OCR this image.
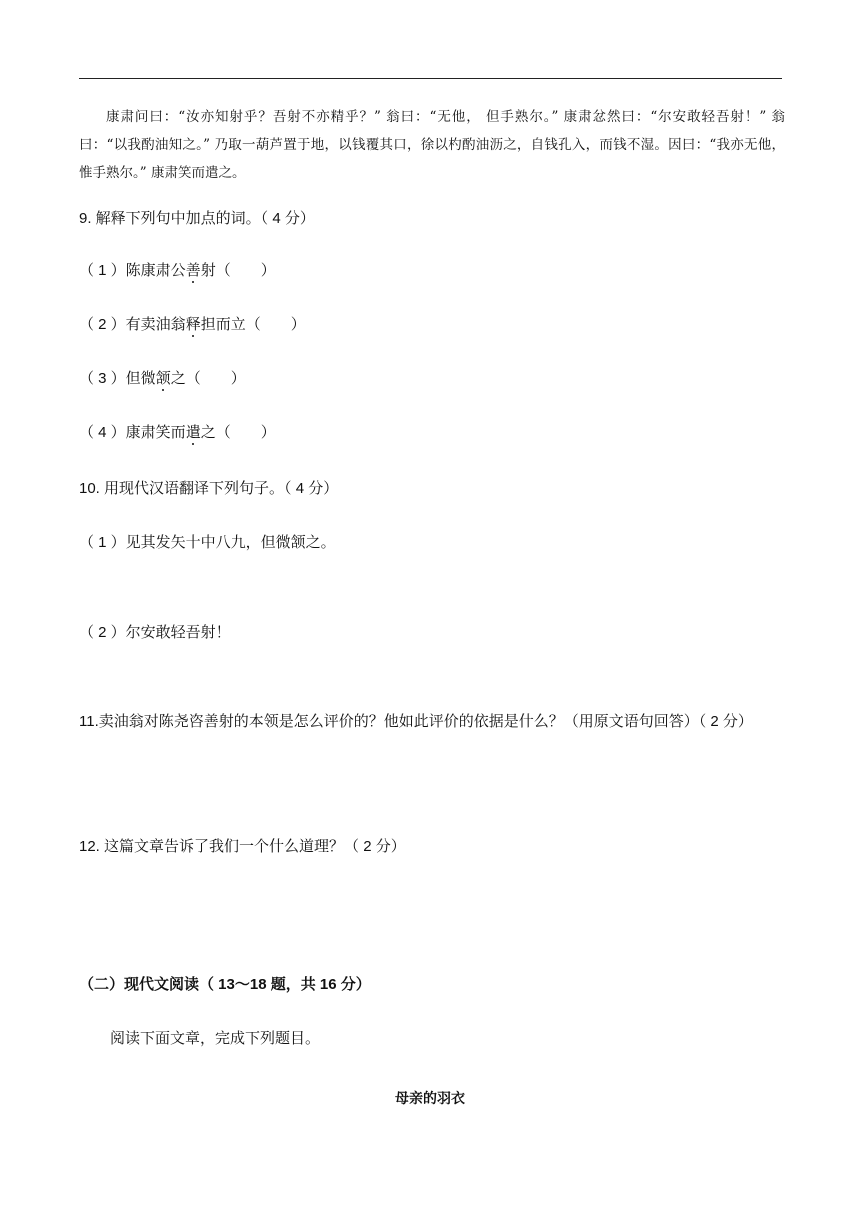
康肃问曰：“汝亦知射乎？吾射不亦精乎？” 翁曰：“无他， 但手熟尔。” 康肃忿然曰：“尔安敢轻吾射！” 翁曰：“以我酌油知之。” 乃取一葫芦置于地，以钱覆其口，徐以杓酌油沥之，自钱孔入，而钱不湿。因曰：“我亦无他，惟手熟尔。” 康肃笑而遣之。

9. 解释下列句中加点的词。（ 4 分）
（ 1 ）陈康肃公善射（　　）
（ 2 ）有卖油翁释担而立（　　）
（ 3 ）但微颔之（　　）
（ 4 ）康肃笑而遣之（　　）
10. 用现代汉语翻译下列句子。（ 4 分）
（ 1 ）见其发矢十中八九，但微颔之。
（ 2 ）尔安敢轻吾射！
11.卖油翁对陈尧咨善射的本领是怎么评价的？他如此评价的依据是什么？（用原文语句回答）（ 2 分）
12. 这篇文章告诉了我们一个什么道理？（ 2 分）
（二）现代文阅读（ 13～18 题，共 16 分）
阅读下面文章，完成下列题目。
母亲的羽衣
